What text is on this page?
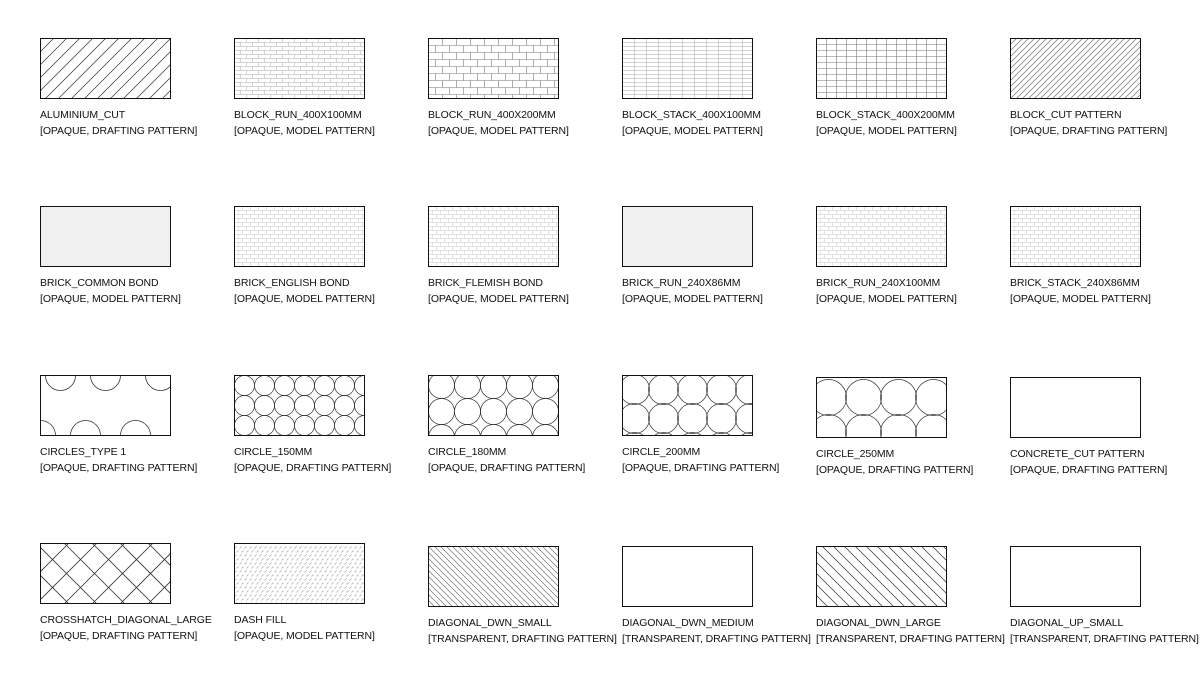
ALUMINIUM_CUT
[OPAQUE, DRAFTING PATTERN]
BLOCK_RUN_400X100MM
[OPAQUE, MODEL PATTERN]
BLOCK_RUN_400X200MM
[OPAQUE, MODEL PATTERN]
BLOCK_STACK_400X100MM
[OPAQUE, MODEL PATTERN]
BLOCK_STACK_400X200MM
[OPAQUE, MODEL PATTERN]
BLOCK_CUT PATTERN
[OPAQUE, DRAFTING PATTERN]
BRICK_COMMON BOND
[OPAQUE, MODEL PATTERN]
BRICK_ENGLISH BOND
[OPAQUE, MODEL PATTERN]
BRICK_FLEMISH BOND
[OPAQUE, MODEL PATTERN]
BRICK_RUN_240X86MM
[OPAQUE, MODEL PATTERN]
BRICK_RUN_240X100MM
[OPAQUE, MODEL PATTERN]
BRICK_STACK_240X86MM
[OPAQUE, MODEL PATTERN]
CIRCLES_TYPE 1
[OPAQUE, DRAFTING PATTERN]
CIRCLE_150MM
[OPAQUE, DRAFTING PATTERN]
CIRCLE_180MM
[OPAQUE, DRAFTING PATTERN]
CIRCLE_200MM
[OPAQUE, DRAFTING PATTERN]
CIRCLE_250MM
[OPAQUE, DRAFTING PATTERN]
CONCRETE_CUT PATTERN
[OPAQUE, DRAFTING PATTERN]
CROSSHATCH_DIAGONAL_LARGE
[OPAQUE, DRAFTING PATTERN]
DASH FILL
[OPAQUE, MODEL PATTERN]
DIAGONAL_DWN_SMALL
[TRANSPARENT, DRAFTING PATTERN]
DIAGONAL_DWN_MEDIUM
[TRANSPARENT, DRAFTING PATTERN]
DIAGONAL_DWN_LARGE
[TRANSPARENT, DRAFTING PATTERN]
DIAGONAL_UP_SMALL
[TRANSPARENT, DRAFTING PATTERN]
